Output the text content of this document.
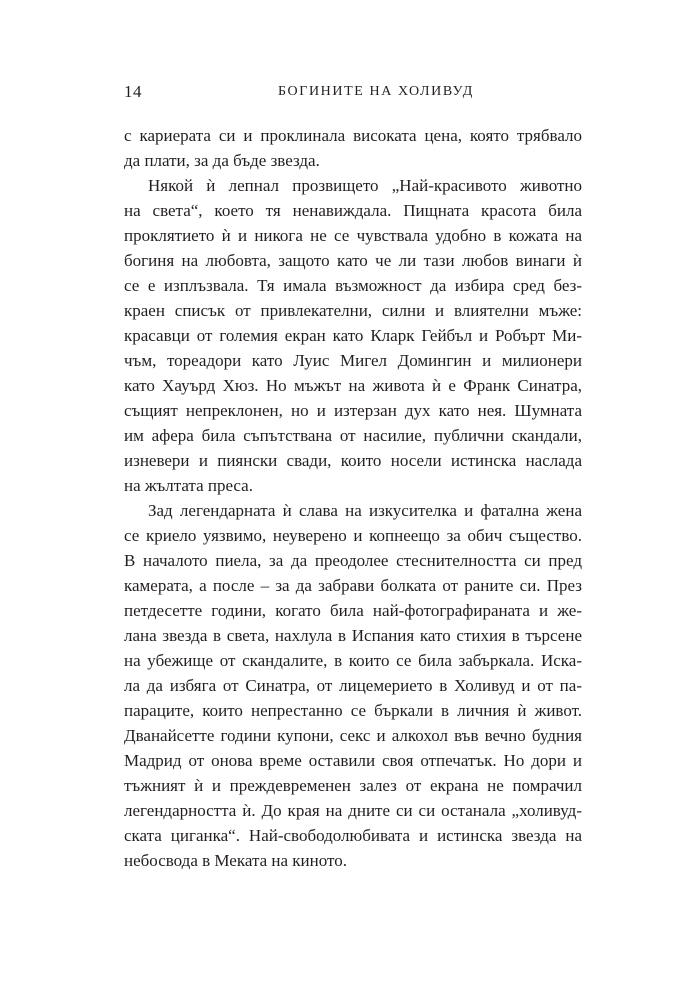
14	БОГИНИТЕ НА ХОЛИВУД
с кариерата си и проклинала високата цена, която трябвало
да плати, за да бъде звезда.
Някой ѝ лепнал прозвището „Най-красивото животно
на света“, което тя ненавиждала. Пищната красота била
проклятието ѝ и никога не се чувствала удобно в кожата на
богиня на любовта, защото като че ли тази любов винаги ѝ
се е изплъзвала. Тя имала възможност да избира сред без-
краен списък от привлекателни, силни и влиятелни мъже:
красавци от големия екран като Кларк Гейбъл и Робърт Ми-
чъм, тореадори като Луис Мигел Домингин и милионери
като Хауърд Хюз. Но мъжът на живота ѝ е Франк Синатра,
същият непреклонен, но и изтерзан дух като нея. Шумната
им афера била съпътствана от насилие, публични скандали,
изневери и пиянски свади, които носели истинска наслада
на жълтата преса.
Зад легендарната ѝ слава на изкусителка и фатална жена
се криело уязвимо, неуверено и копнеещо за обич същество.
В началото пиела, за да преодолее стеснителността си пред
камерата, а после – за да забрави болката от раните си. През
петдесетте години, когато била най-фотографираната и же-
лана звезда в света, нахлула в Испания като стихия в търсене
на убежище от скандалите, в които се била забъркала. Иска-
ла да избяга от Синатра, от лицемерието в Холивуд и от па-
параците, които непрестанно се бъркали в личния ѝ живот.
Дванайсетте години купони, секс и алкохол във вечно будния
Мадрид от онова време оставили своя отпечатък. Но дори и
тъжният ѝ и преждевременен залез от екрана не помрачил
легендарността ѝ. До края на дните си си останала „холивуд-
ската циганка“. Най-свободолюбивата и истинска звезда на
небосвода в Меката на киното.
